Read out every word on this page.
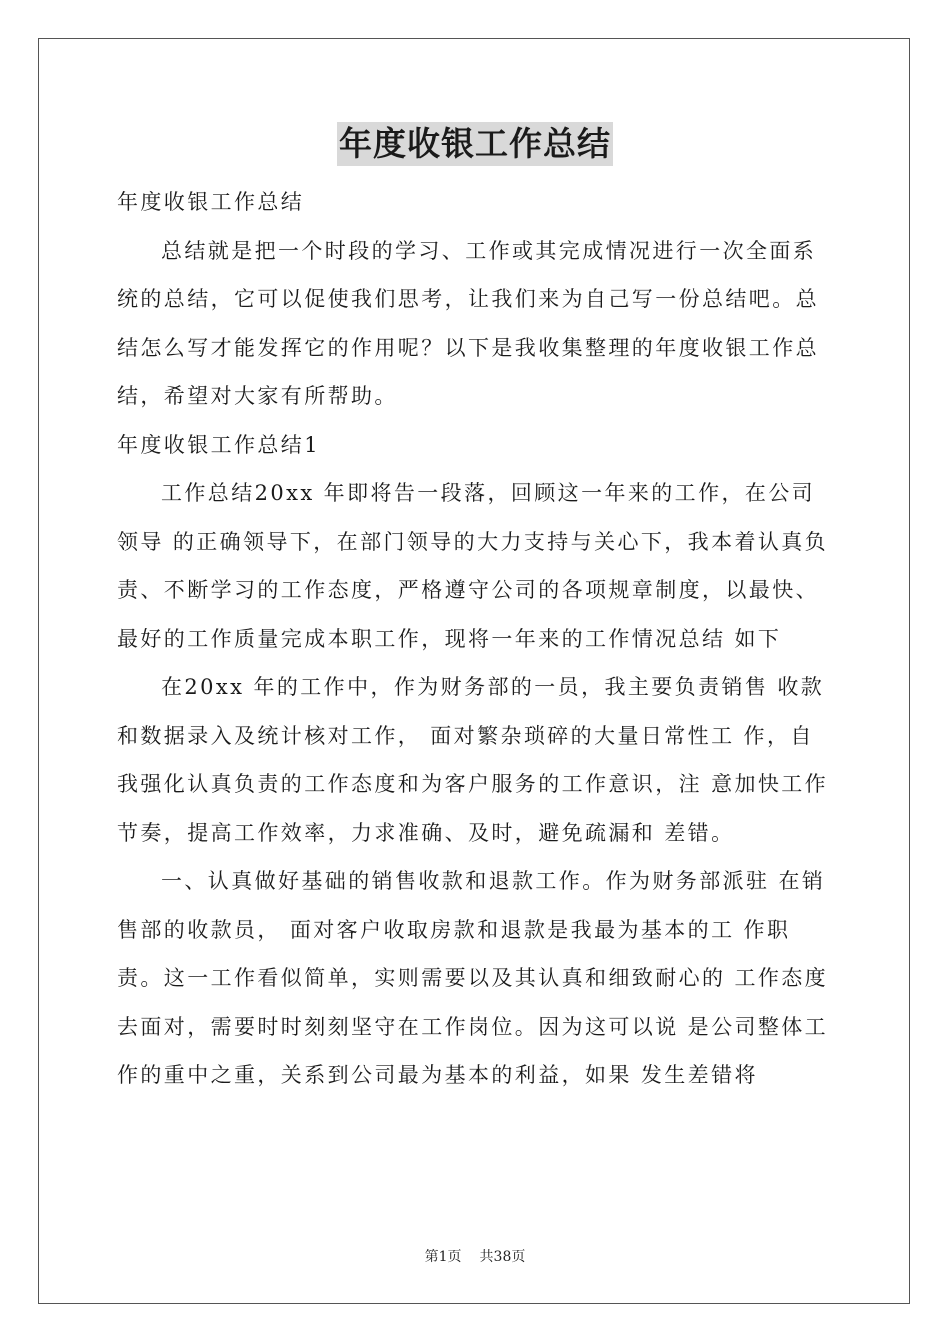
年度收银工作总结

年度收银工作总结

总结就是把一个时段的学习、工作或其完成情况进行一次全面系统的总结，它可以促使我们思考，让我们来为自己写一份总结吧。总结怎么写才能发挥它的作用呢？以下是我收集整理的年度收银工作总结，希望对大家有所帮助。

年度收银工作总结1

工作总结20xx 年即将告一段落，回顾这一年来的工作，在公司领导 的正确领导下，在部门领导的大力支持与关心下，我本着认真负 责、不断学习的工作态度，严格遵守公司的各项规章制度，以最快、最好的工作质量完成本职工作，现将一年来的工作情况总结 如下

在20xx 年的工作中，作为财务部的一员，我主要负责销售 收款和数据录入及统计核对工作， 面对繁杂琐碎的大量日常性工 作，自我强化认真负责的工作态度和为客户服务的工作意识，注 意加快工作节奏，提高工作效率，力求准确、及时，避免疏漏和 差错。

一、认真做好基础的销售收款和退款工作。作为财务部派驻 在销售部的收款员， 面对客户收取房款和退款是我最为基本的工 作职责。这一工作看似简单，实则需要以及其认真和细致耐心的 工作态度去面对，需要时时刻刻坚守在工作岗位。因为这可以说 是公司整体工作的重中之重，关系到公司最为基本的利益，如果 发生差错将

第1页 共38页
